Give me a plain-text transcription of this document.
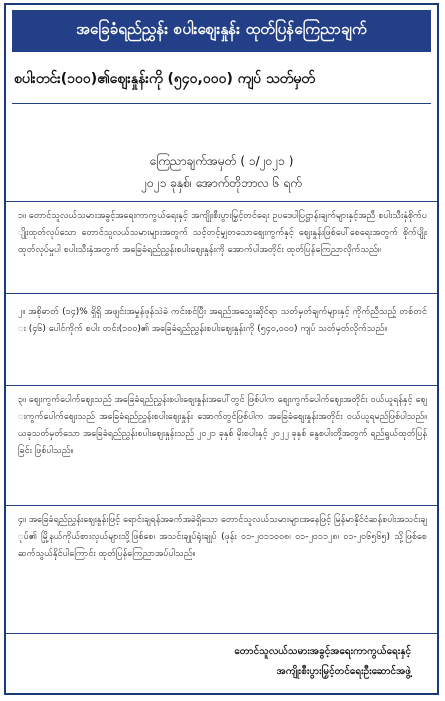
အခြေခံရည်ညွှန်း စပါးစျေးနှုန်း ထုတ်ပြန်ကြေညာချက်
စပါးတင်း(၁၀၀)၏စျေးနှုန်းကို (၅၄၀,၀၀၀) ကျပ် သတ်မှတ်
ကြေညာချက်အမှတ် ( ၁/၂၀၂၁ )
၂၀၂၁ ခုနှစ်၊ အောက်တိုဘာလ ၆ ရက်

၁။ တောင်သူလယ်သမားအခွင့်အရေးကာကွယ်ရေးနှင့် အကျိုးစီးပွားမြှင့်တင်ရေး ဥပဒေပါပြဋ္ဌာန်းချက်များနှင့်အညီ စပါးသီးနှံစိုက်ပျိုးထုတ်လုပ်သော တောင်သူလယ်သမားများအတွက် သင့်တင့်မျှတသောစျေးကွက်နှင့် စျေးနှုန်းဖြစ်ပေါ်စေရေးအတွက် စိုက်ပျိုးထုတ်လုပ်မှုပါ စပါးသီးနှံအတွက် အခြေခံရည်ညွှန်းစပါးစျေးနှုန်းကို အောက်ပါအတိုင်း ထုတ်ပြန်ကြေညာလိုက်သည်။

၂။ အစိုဓာတ် (၁၄)% ရှိရှိ အဖျင်းအမှုန်ဖုန်သဲခဲ ကင်းစင်ပြီး အရည်အသွေးဆိုင်ရာ သတ်မှတ်ချက်များနှင့် ကိုက်ညီသည့် တစ်တင်း (၄၆) ပေါင်ကိုက် စပါး တင်း(၁၀၀)၏ အခြေခံရည်ညွှန်းစပါးစျေးနှုန်းကို (၅၄၀,၀၀၀) ကျပ် သတ်မှတ်လိုက်သည်။

၃။ စျေးကွက်ပေါက်စျေးသည် အခြေခံရည်ညွှန်းစပါးစျေးနှုန်းအပေါ်တွင် ဖြစ်ပါက စျေးကွက်ပေါက်စျေးအတိုင်း ဝယ်ယူရန်နှင့် စျေးကွက်ပေါက်စျေးသည် အခြေခံရည်ညွှန်းစပါးစျေးနှုန်း အောက်တွင်ဖြစ်ပါက အခြေခံစျေးနှုန်းအတိုင်း ဝယ်ယူရမည်ဖြစ်ပါသည်။ ယခုသတ်မှတ်သော အခြေခံရည်ညွှန်းစပါးစျေးနှုန်းသည် ၂၀၂၁ ခုနှစ် မိုးစပါးနှင့် ၂၀၂၂ ခုနှစ် နွေစပါးတို့အတွက် ရည်ရွယ်ထုတ်ပြန်ခြင်း ဖြစ်ပါသည်။

၄။ အခြေခံရည်ညွှန်းစျေးနှုန်းဖြင့် ရောင်းချရန်အခက်အခဲရှိသော တောင်သူလယ်သမားများအနေဖြင့် မြန်မာနိုင်ငံဆန်စပါးအသင်းချုပ်၏ မြို့နယ်ကိုယ်စားလှယ်များသို့ဖြစ်စေ၊ အသင်းချုပ်ရုံးချုပ် (ဖုန်း ၀၁-၂၀၁၁၀၀၈၊ ၀၁-၂၀၁၁၂၈၊ ၀၁-၂၀၆၅၆၅) သို့ဖြစ်စေ ဆက်သွယ်နိုင်ပါကြောင်း ထုတ်ပြန်ကြေညာအပ်ပါသည်။

တောင်သူလယ်သမားအခွင့်အရေးကာကွယ်ရေးနှင့်
အကျိုးစီးပွားမြှင့်တင်ရေးဦးဆောင်အဖွဲ့
